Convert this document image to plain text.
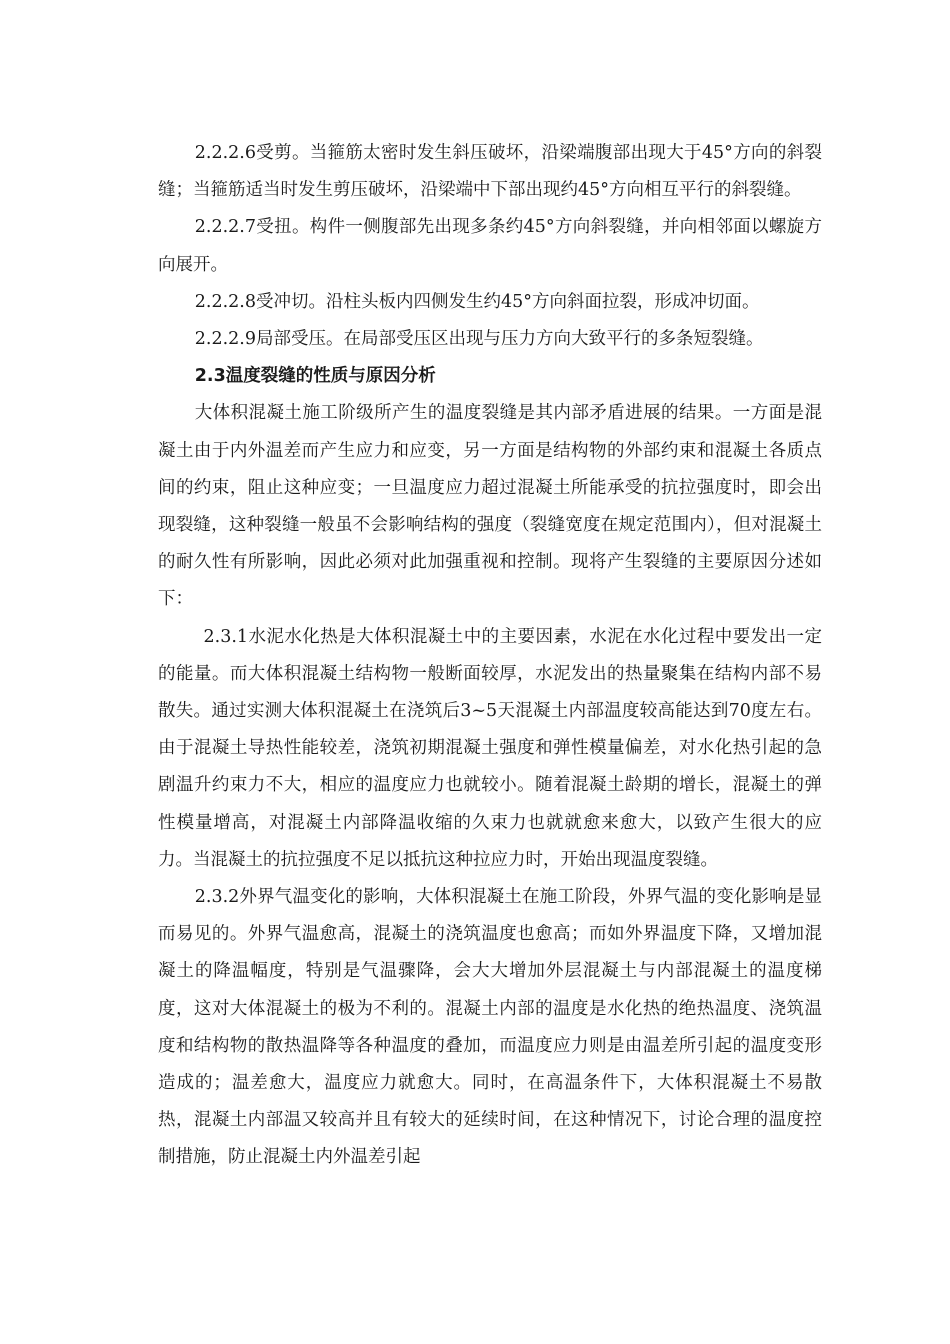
2.2.2.6受剪。当箍筋太密时发生斜压破坏，沿梁端腹部出现大于45°方向的斜裂缝；当箍筋适当时发生剪压破坏，沿梁端中下部出现约45°方向相互平行的斜裂缝。

2.2.2.7受扭。构件一侧腹部先出现多条约45°方向斜裂缝，并向相邻面以螺旋方向展开。

2.2.2.8受冲切。沿柱头板内四侧发生约45°方向斜面拉裂，形成冲切面。

2.2.2.9局部受压。在局部受压区出现与压力方向大致平行的多条短裂缝。

2.3温度裂缝的性质与原因分析

大体积混凝土施工阶级所产生的温度裂缝是其内部矛盾进展的结果。一方面是混凝土由于内外温差而产生应力和应变，另一方面是结构物的外部约束和混凝土各质点间的约束，阻止这种应变；一旦温度应力超过混凝土所能承受的抗拉强度时，即会出现裂缝，这种裂缝一般虽不会影响结构的强度（裂缝宽度在规定范围内），但对混凝土的耐久性有所影响，因此必须对此加强重视和控制。现将产生裂缝的主要原因分述如下：

2.3.1水泥水化热是大体积混凝土中的主要因素，水泥在水化过程中要发出一定的能量。而大体积混凝土结构物一般断面较厚，水泥发出的热量聚集在结构内部不易散失。通过实测大体积混凝土在浇筑后3~5天混凝土内部温度较高能达到70度左右。由于混凝土导热性能较差，浇筑初期混凝土强度和弹性模量偏差，对水化热引起的急剧温升约束力不大，相应的温度应力也就较小。随着混凝土龄期的增长，混凝土的弹性模量增高，对混凝土内部降温收缩的久束力也就就愈来愈大，以致产生很大的应力。当混凝土的抗拉强度不足以抵抗这种拉应力时，开始出现温度裂缝。

2.3.2外界气温变化的影响，大体积混凝土在施工阶段，外界气温的变化影响是显而易见的。外界气温愈高，混凝土的浇筑温度也愈高；而如外界温度下降，又增加混凝土的降温幅度，特别是气温骤降，会大大增加外层混凝土与内部混凝土的温度梯度，这对大体混凝土的极为不利的。混凝土内部的温度是水化热的绝热温度、浇筑温度和结构物的散热温降等各种温度的叠加，而温度应力则是由温差所引起的温度变形造成的；温差愈大，温度应力就愈大。同时，在高温条件下，大体积混凝土不易散热，混凝土内部温又较高并且有较大的延续时间，在这种情况下，讨论合理的温度控制措施，防止混凝土内外温差引起
